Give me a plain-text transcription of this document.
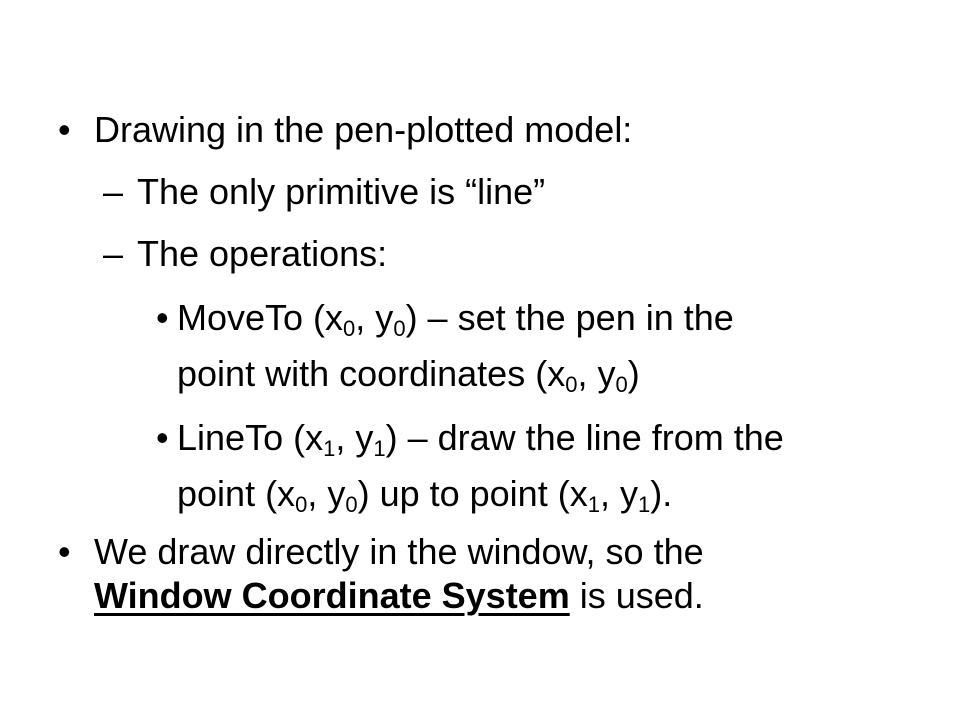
• Drawing in the pen-plotted model:
– The only primitive is “line”
– The operations:
• MoveTo ($x_0$, $y_0$) – set the pen in the
point with coordinates ($x_0$, $y_0$)
• LineTo ($x_1$, $y_1$) – draw the line from the
point ($x_0$, $y_0$) up to point ($x_1$, $y_1$).
• We draw directly in the window, so the
Window Coordinate System is used.
